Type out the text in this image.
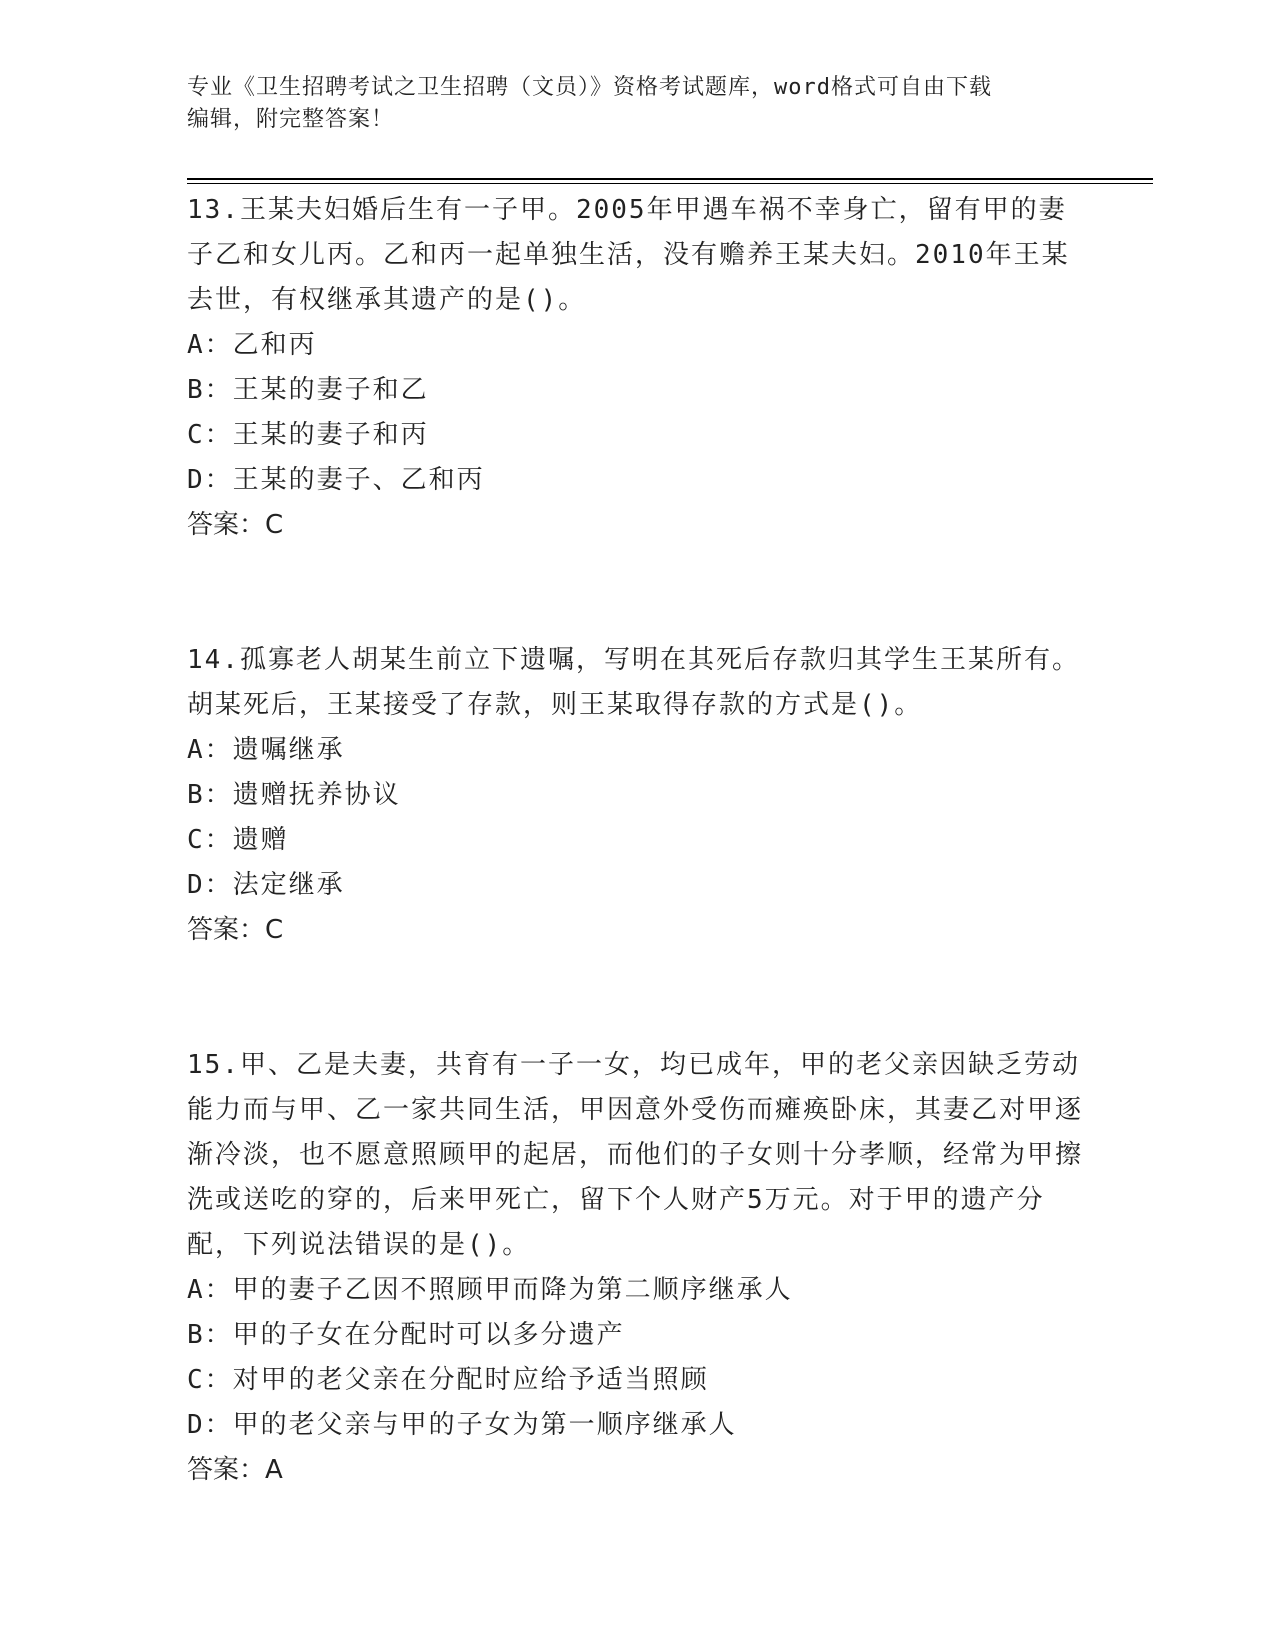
专业《卫生招聘考试之卫生招聘（文员）》资格考试题库，word格式可自由下载
编辑，附完整答案！

13.王某夫妇婚后生有一子甲。2005年甲遇车祸不幸身亡，留有甲的妻子乙和女儿丙。乙和丙一起单独生活，没有赡养王某夫妇。2010年王某去世，有权继承其遗产的是()。

A：乙和丙

B：王某的妻子和乙

C：王某的妻子和丙

D：王某的妻子、乙和丙

答案：C

14.孤寡老人胡某生前立下遗嘱，写明在其死后存款归其学生王某所有。胡某死后，王某接受了存款，则王某取得存款的方式是()。

A：遗嘱继承

B：遗赠抚养协议

C：遗赠

D：法定继承

答案：C

15.甲、乙是夫妻，共育有一子一女，均已成年，甲的老父亲因缺乏劳动能力而与甲、乙一家共同生活，甲因意外受伤而瘫痪卧床，其妻乙对甲逐渐冷淡，也不愿意照顾甲的起居，而他们的子女则十分孝顺，经常为甲擦洗或送吃的穿的，后来甲死亡，留下个人财产5万元。对于甲的遗产分配，下列说法错误的是()。

A：甲的妻子乙因不照顾甲而降为第二顺序继承人

B：甲的子女在分配时可以多分遗产

C：对甲的老父亲在分配时应给予适当照顾

D：甲的老父亲与甲的子女为第一顺序继承人

答案：A
